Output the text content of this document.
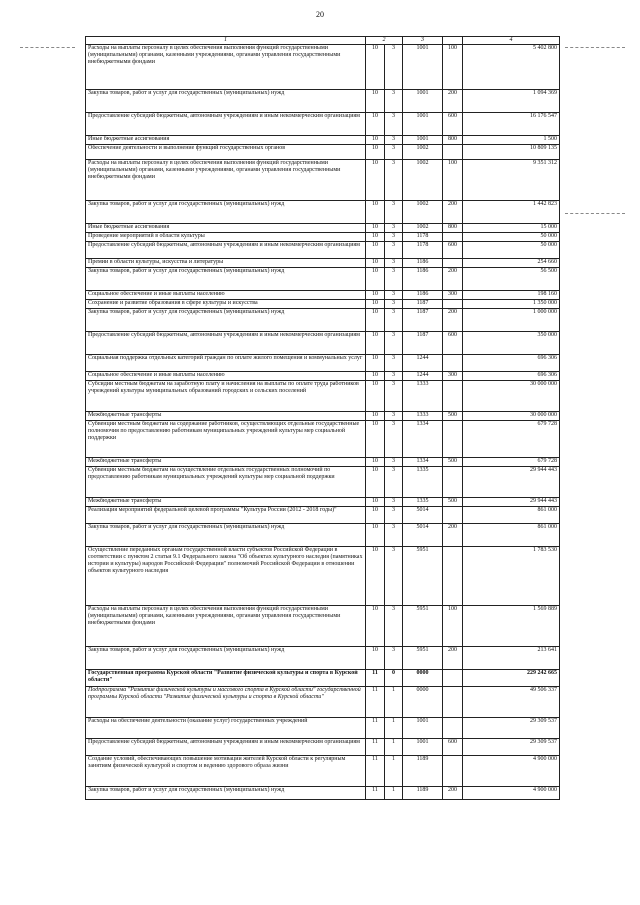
20
1	2		3		4
Расходы на выплаты персоналу в целях обеспечения выполнения функций государственными (муниципальными) органами, казенными учреждениями, органами управления государственными внебюджетными фондами	10	3	1001	100	5 402 800
Закупка товаров, работ и услуг для государственных (муниципальных) нужд	10	3	1001	200	1 094 369
Предоставление субсидий бюджетным, автономным учреждениям и иным некоммерческим организациям	10	3	1001	600	16 176 547
Иные бюджетные ассигнования	10	3	1001	800	1 500
Обеспечение деятельности и выполнение функций государственных органов	10	3	1002		10 809 135
Расходы на выплаты персоналу в целях обеспечения выполнения функций государственными (муниципальными) органами, казенными учреждениями, органами управления государственными внебюджетными фондами	10	3	1002	100	9 351 312
Закупка товаров, работ и услуг для государственных (муниципальных) нужд	10	3	1002	200	1 442 823
Иные бюджетные ассигнования	10	3	1002	800	15 000
Проведение мероприятий в области культуры	10	3	1178		50 000
Предоставление субсидий бюджетным, автономным учреждениям и иным некоммерческим организациям	10	3	1178	600	50 000
Премии в области культуры, искусства и литературы	10	3	1186		254 660
Закупка товаров, работ и услуг для государственных (муниципальных) нужд	10	3	1186	200	56 500
Социальное обеспечение и иные выплаты населению	10	3	1186	300	198 160
Сохранение и развитие образования в сфере культуры и искусства	10	3	1187		1 350 000
Закупка товаров, работ и услуг для государственных (муниципальных) нужд	10	3	1187	200	1 000 000
Предоставление субсидий бюджетным, автономным учреждениям и иным некоммерческим организациям	10	3	1187	600	350 000
Социальная поддержка отдельных категорий граждан по оплате жилого помещения и коммунальных услуг	10	3	1244		696 306
Социальное обеспечение и иные выплаты населению	10	3	1244	300	696 306
Субсидии местным бюджетам на заработную плату и начисления на выплаты по оплате труда работников учреждений культуры муниципальных образований городских и сельских поселений	10	3	1333		30 000 000
Межбюджетные трансферты	10	3	1333	500	30 000 000
Субвенции местным бюджетам на содержание работников, осуществляющих отдельные государственные полномочия по предоставлению работникам муниципальных учреждений культуры мер социальной поддержки	10	3	1334		679 728
Межбюджетные трансферты	10	3	1334	500	679 728
Субвенции местным бюджетам на осуществление отдельных государственных полномочий по предоставлению работникам муниципальных учреждений культуры мер социальной поддержки	10	3	1335		29 944 443
Межбюджетные трансферты	10	3	1335	500	29 944 443
Реализация мероприятий федеральной целевой программы "Культура России (2012 - 2018 годы)"	10	3	5014		861 000
Закупка товаров, работ и услуг для государственных (муниципальных) нужд	10	3	5014	200	861 000
Осуществление переданных органам государственной власти субъектов Российской Федерации в соответствии с пунктом 2 статьи 9.1 Федерального закона "Об объектах культурного наследия (памятниках истории и культуры) народов Российской Федерации" полномочий Российской Федерации в отношении объектов культурного наследия	10	3	5951		1 783 530
Расходы на выплаты персоналу в целях обеспечения выполнения функций государственными (муниципальными) органами, казенными учреждениями, органами управления государственными внебюджетными фондами	10	3	5951	100	1 569 889
Закупка товаров, работ и услуг для государственных (муниципальных) нужд	10	3	5951	200	213 641
Государственная программа Курской области "Развитие физической культуры и спорта в Курской области"	11	0	0000		229 242 665
Подпрограмма "Развитие физической культуры и массового спорта в Курской области" государственной программы Курской области "Развитие физической культуры и спорта в Курской области"	11	1	0000		49 506 337
Расходы на обеспечение деятельности (оказание услуг) государственных учреждений	11	1	1001		29 309 537
Предоставление субсидий бюджетным, автономным учреждениям и иным некоммерческим организациям	11	1	1001	600	29 309 537
Создание условий, обеспечивающих повышение мотивации жителей Курской области к регулярным занятиям физической культурой и спортом и ведению здорового образа жизни	11	1	1189		4 900 000
Закупка товаров, работ и услуг для государственных (муниципальных) нужд	11	1	1189	200	4 900 000
